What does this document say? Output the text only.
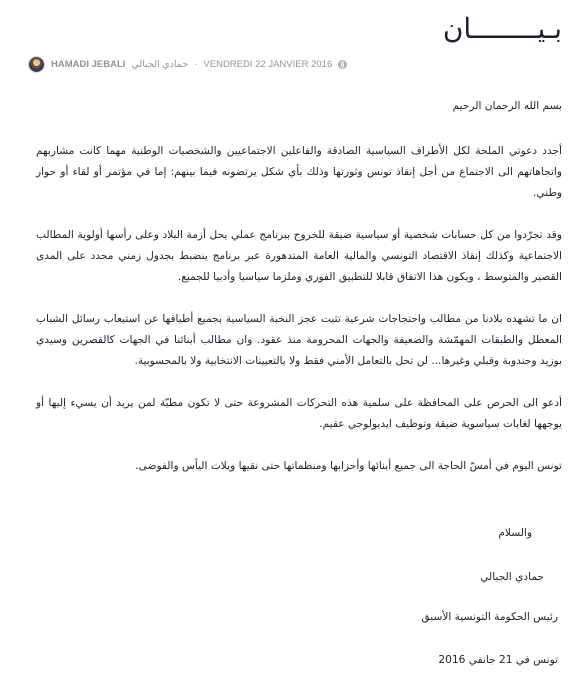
بـيــــــــان
HAMADI JEBALI حمادي الجبالي · VENDREDI 22 JANVIER 2016

بسم الله الرحمان الرحيم

أجدد دعوتي الملحة لكل الأطراف السياسية الصادقة والفاعلين الاجتماعيين والشخصيات الوطنية مهما كانت مشاربهم واتجاهاتهم الى الاجتماع من أجل إنقاذ تونس وثورتها وذلك بأي شكل يرتضونه فيما بينهم: إما في مؤتمر أو لقاء أو حوار وطني.

وقد تجرّدوا من كل حسابات شخصية أو سياسية ضيقة للخروج ببرنامج عملي يحل أزمة البلاد وعلى رأسها أولوية المطالب الاجتماعية وكذلك إنقاذ الاقتصاد التونسي والمالية العامة المتدهورة عبر برنامج ينضبط بجدول زمني محدد على المدى القصير والمتوسط ، ويكون هذا الاتفاق قابلا للتطبيق الفوري وملزما سياسيا وأدبيا للجميع.

ان ما تشهده بلادنا من مطالب واحتجاجات شرعية تثبت عجز النخبة السياسية بجميع أطيافها عن استيعاب رسائل الشباب المعطل والطبقات المهمّشة والضعيفة والجهات المحرومة منذ عقود. وان مطالب أبنائنا في الجهات كالقصرين وسيدي بوزيد وجندوبة وقبلي وغيرها... لن تحل بالتعامل الأمني فقط ولا بالتعيينات الانتخابية ولا بالمحسوبية.

أدعو الى الحرص على المحافظة على سلمية هذه التحركات المشروعة حتى لا تكون مطيّة لمن يريد أن يسيء إليها أو يوجهها لغايات سياسوية ضيقة وتوظيف ايديولوجي عقيم.

تونس اليوم في أمسّ الحاجة الى جميع أبنائها وأحزابها ومنظماتها حتى نقيها ويلات اليأس والفوضى.

والسلام
حمادي الجبالي
رئيس الحكومة التونسية الأسبق
تونس في 21 جانفي 2016
